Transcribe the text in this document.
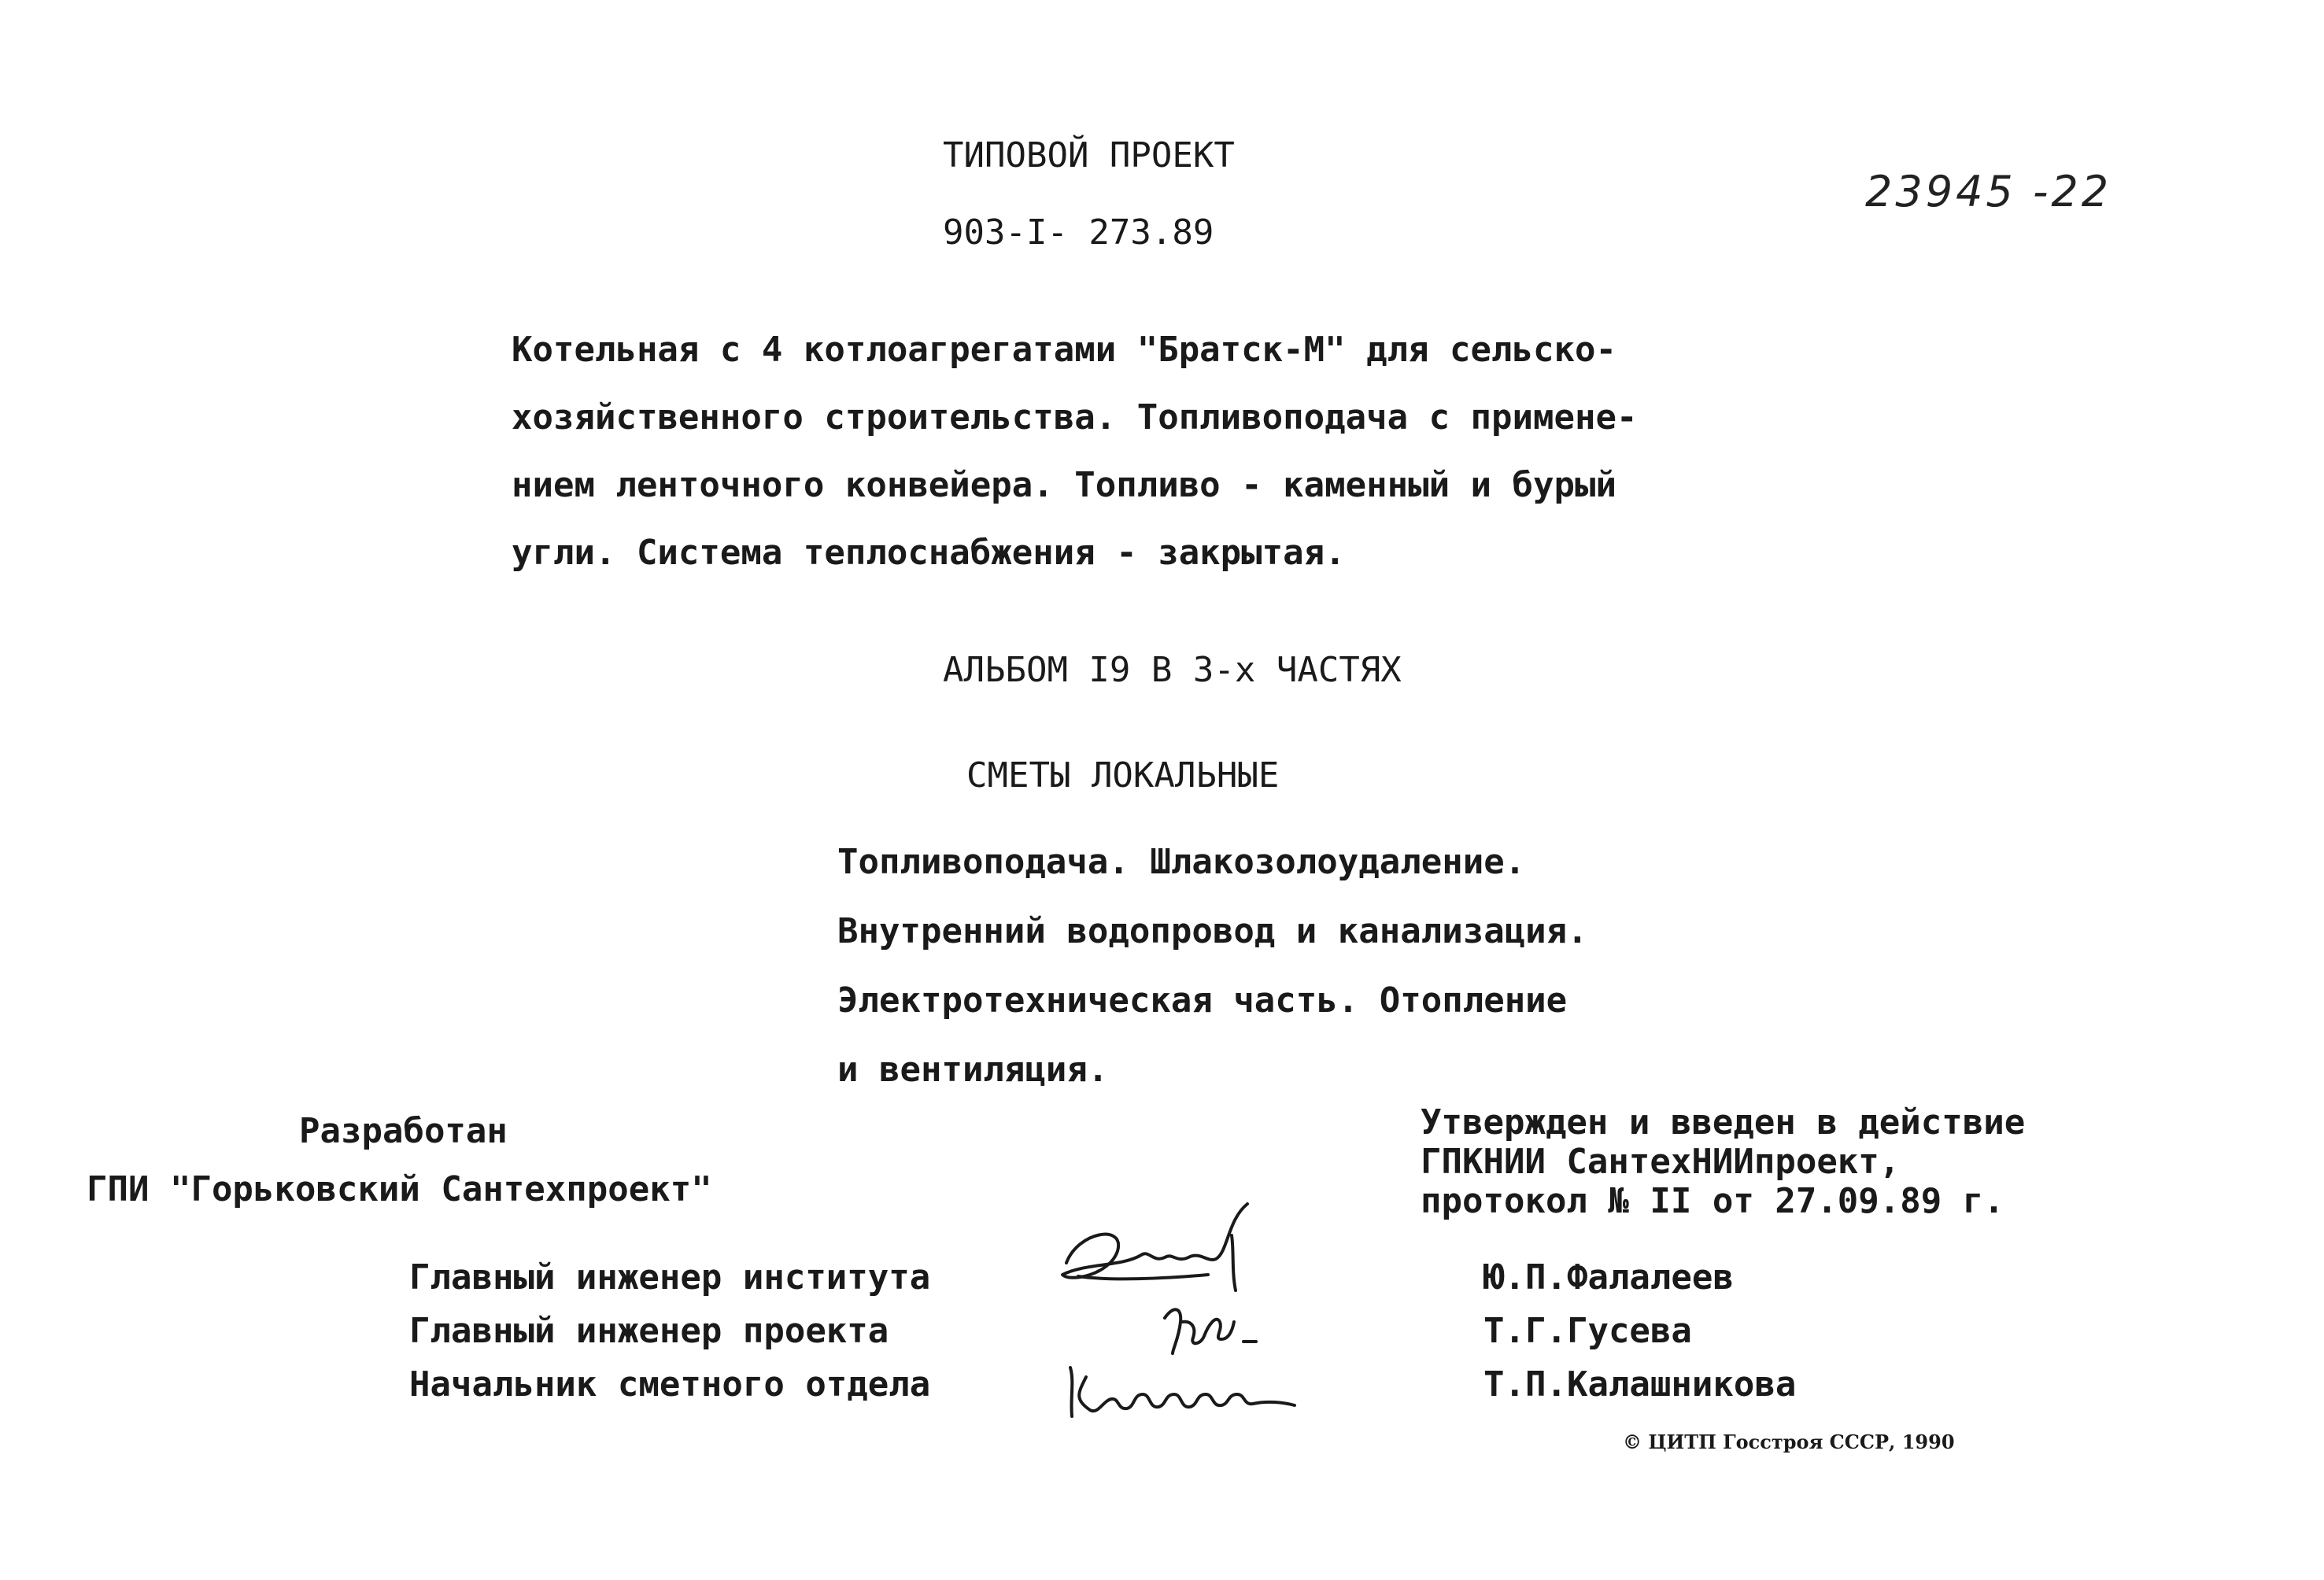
ТИПОВОЙ ПРОЕКТ
903-I- 273.89
23945 -22
Котельная с 4 котлоагрегатами "Братск-М" для сельско-
хозяйственного строительства. Топливоподача с примене-
нием ленточного конвейера. Топливо - каменный и бурый
угли. Система теплоснабжения - закрытая.
АЛЬБОМ I9 В 3-х ЧАСТЯХ
СМЕТЫ ЛОКАЛЬНЫЕ
Топливоподача. Шлакозолоудаление.
Внутренний водопровод и канализация.
Электротехническая часть. Отопление
и вентиляция.
Разработан
ГПИ "Горьковский Сантехпроект"
Утвержден и введен в действие
ГПКНИИ СантехНИИпроект,
протокол № II от 27.09.89 г.
Главный инженер института
Главный инженер проекта
Начальник сметного отдела
Ю.П.Фалалеев
Т.Г.Гусева
Т.П.Калашникова
© ЦИТП Госстроя СССР, 1990
